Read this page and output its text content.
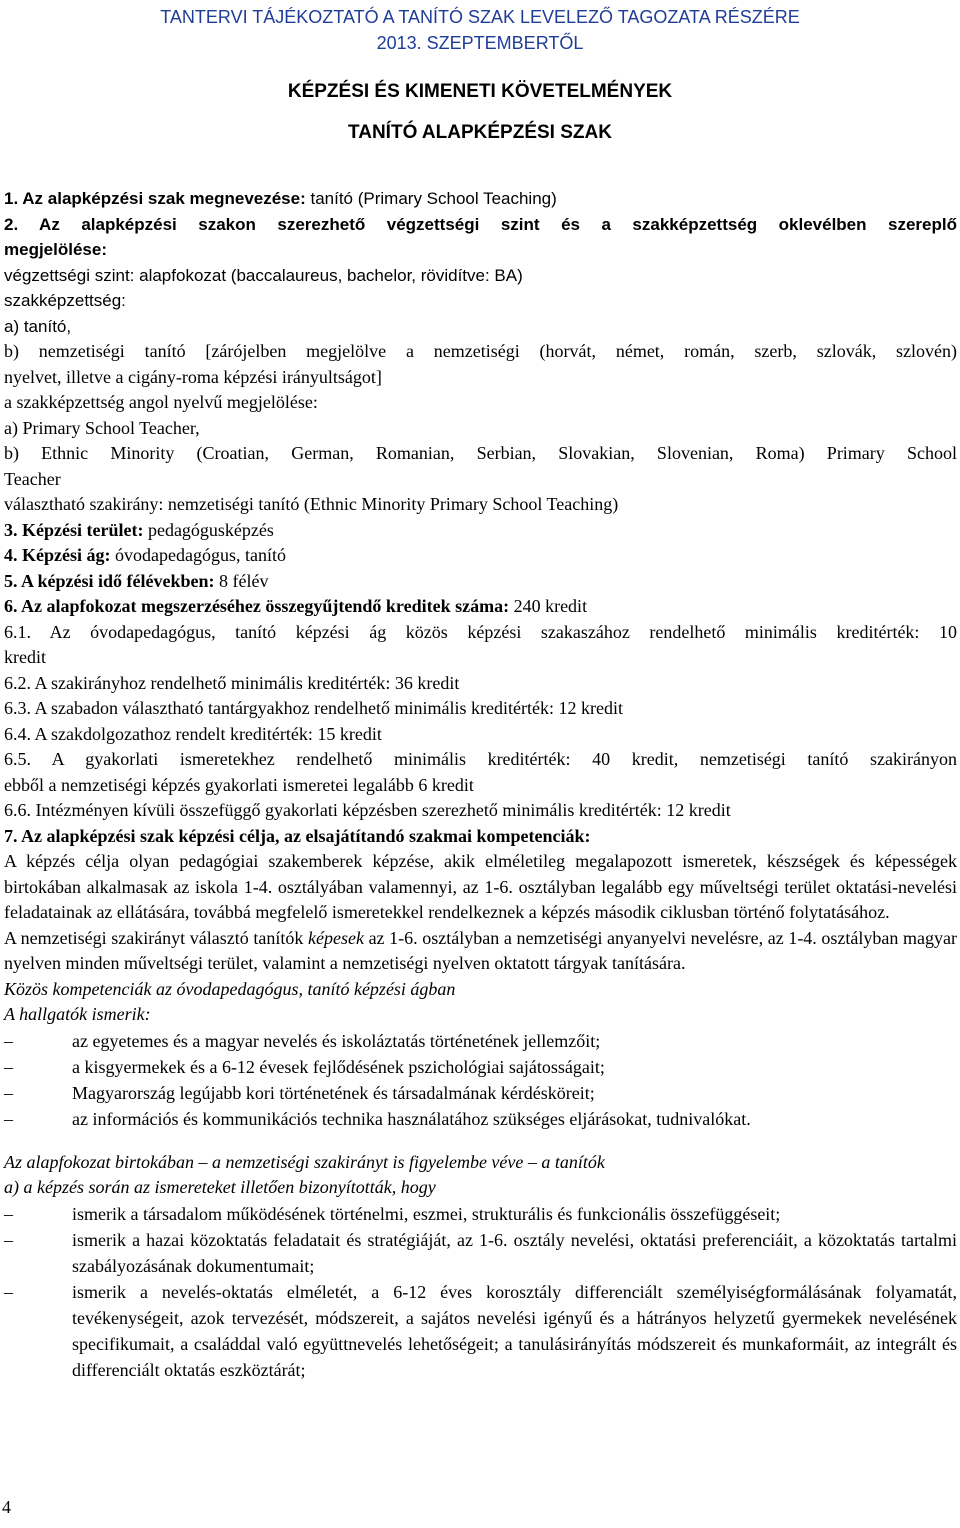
TANTERVI TÁJÉKOZTATÓ A TANÍTÓ SZAK LEVELEZŐ TAGOZATA RÉSZÉRE
2013. SZEPTEMBERTŐL
KÉPZÉSI ÉS KIMENETI KÖVETELMÉNYEK
TANÍTÓ ALAPKÉPZÉSI SZAK
1. Az alapképzési szak megnevezése: tanító (Primary School Teaching)
2. Az alapképzési szakon szerezhető végzettségi szint és a szakképzettség oklevélben szereplő
megjelölése:
végzettségi szint: alapfokozat (baccalaureus, bachelor, rövidítve: BA)
szakképzettség:
a) tanító,
b) nemzetiségi tanító [zárójelben megjelölve a nemzetiségi (horvát, német, román, szerb, szlovák, szlovén)
nyelvet, illetve a cigány-roma képzési irányultságot]
a szakképzettség angol nyelvű megjelölése:
a) Primary School Teacher,
b) Ethnic Minority (Croatian, German, Romanian, Serbian, Slovakian, Slovenian, Roma) Primary School
Teacher
választható szakirány: nemzetiségi tanító (Ethnic Minority Primary School Teaching)
3. Képzési terület: pedagógusképzés
4. Képzési ág: óvodapedagógus, tanító
5. A képzési idő félévekben: 8 félév
6. Az alapfokozat megszerzéséhez összegyűjtendő kreditek száma: 240 kredit
6.1. Az óvodapedagógus, tanító képzési ág közös képzési szakaszához rendelhető minimális kreditérték: 10
kredit
6.2. A szakirányhoz rendelhető minimális kreditérték: 36 kredit
6.3. A szabadon választható tantárgyakhoz rendelhető minimális kreditérték: 12 kredit
6.4. A szakdolgozathoz rendelt kreditérték: 15 kredit
6.5. A gyakorlati ismeretekhez rendelhető minimális kreditérték: 40 kredit, nemzetiségi tanító szakirányon
ebből a nemzetiségi képzés gyakorlati ismeretei legalább 6 kredit
6.6. Intézményen kívüli összefüggő gyakorlati képzésben szerezhető minimális kreditérték: 12 kredit
7. Az alapképzési szak képzési célja, az elsajátítandó szakmai kompetenciák:
A képzés célja olyan pedagógiai szakemberek képzése, akik elméletileg megalapozott ismeretek, készségek és képességek birtokában alkalmasak az iskola 1-4. osztályában valamennyi, az 1-6. osztályban legalább egy műveltségi terület oktatási-nevelési feladatainak az ellátására, továbbá megfelelő ismeretekkel rendelkeznek a képzés második ciklusban történő folytatásához.
A nemzetiségi szakirányt választó tanítók képesek az 1-6. osztályban a nemzetiségi anyanyelvi nevelésre, az 1-4. osztályban magyar nyelven minden műveltségi terület, valamint a nemzetiségi nyelven oktatott tárgyak tanítására.
Közös kompetenciák az óvodapedagógus, tanító képzési ágban
A hallgatók ismerik:
– az egyetemes és a magyar nevelés és iskoláztatás történetének jellemzőit;
– a kisgyermekek és a 6-12 évesek fejlődésének pszichológiai sajátosságait;
– Magyarország legújabb kori történetének és társadalmának kérdésköreit;
– az információs és kommunikációs technika használatához szükséges eljárásokat, tudnivalókat.
Az alapfokozat birtokában – a nemzetiségi szakirányt is figyelembe véve – a tanítók
a) a képzés során az ismereteket illetően bizonyították, hogy
– ismerik a társadalom működésének történelmi, eszmei, strukturális és funkcionális összefüggéseit;
– ismerik a hazai közoktatás feladatait és stratégiáját, az 1-6. osztály nevelési, oktatási preferenciáit, a közoktatás tartalmi szabályozásának dokumentumait;
– ismerik a nevelés-oktatás elméletét, a 6-12 éves korosztály differenciált személyiségformálásának folyamatát, tevékenységeit, azok tervezését, módszereit, a sajátos nevelési igényű és a hátrányos helyzetű gyermekek nevelésének specifikumait, a családdal való együttnevelés lehetőségeit; a tanulásirányítás módszereit és munkaformáit, az integrált és differenciált oktatás eszköztárát;
4
